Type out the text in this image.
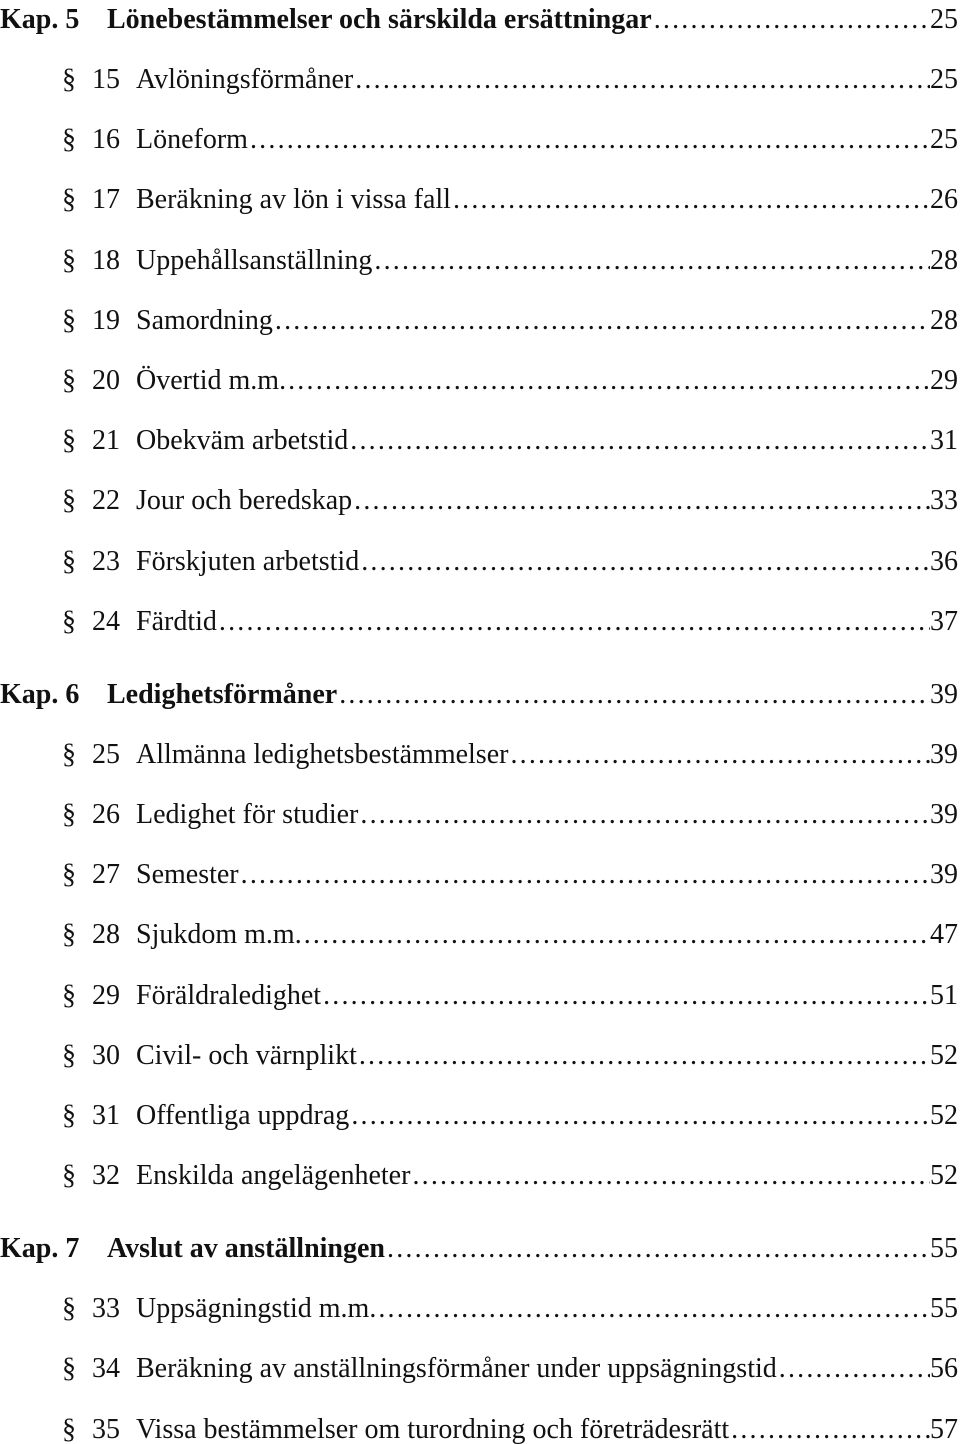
Kap. 5 Lönebestämmelser och särskilda ersättningar . . .	25
§ 15 Avlöningsförmåner . . .	25
§ 16 Löneform . . .	25
§ 17 Beräkning av lön i vissa fall . . .	26
§ 18 Uppehållsanställning . . .	28
§ 19 Samordning . . .	28
§ 20 Övertid m.m. . . .	29
§ 21 Obekväm arbetstid . . .	31
§ 22 Jour och beredskap . . .	33
§ 23 Förskjuten arbetstid . . .	36
§ 24 Färdtid . . .	37
Kap. 6 Ledighetsförmåner . . .	39
§ 25 Allmänna ledighetsbestämmelser . . .	39
§ 26 Ledighet för studier . . .	39
§ 27 Semester . . .	39
§ 28 Sjukdom m.m. . . .	47
§ 29 Föräldraledighet . . .	51
§ 30 Civil- och värnplikt . . .	52
§ 31 Offentliga uppdrag . . .	52
§ 32 Enskilda angelägenheter . . .	52
Kap. 7 Avslut av anställningen . . .	55
§ 33 Uppsägningstid m.m. . . .	55
§ 34 Beräkning av anställningsförmåner under uppsägningstid . . .	56
§ 35 Vissa bestämmelser om turordning och företrädesrätt . . .	57
